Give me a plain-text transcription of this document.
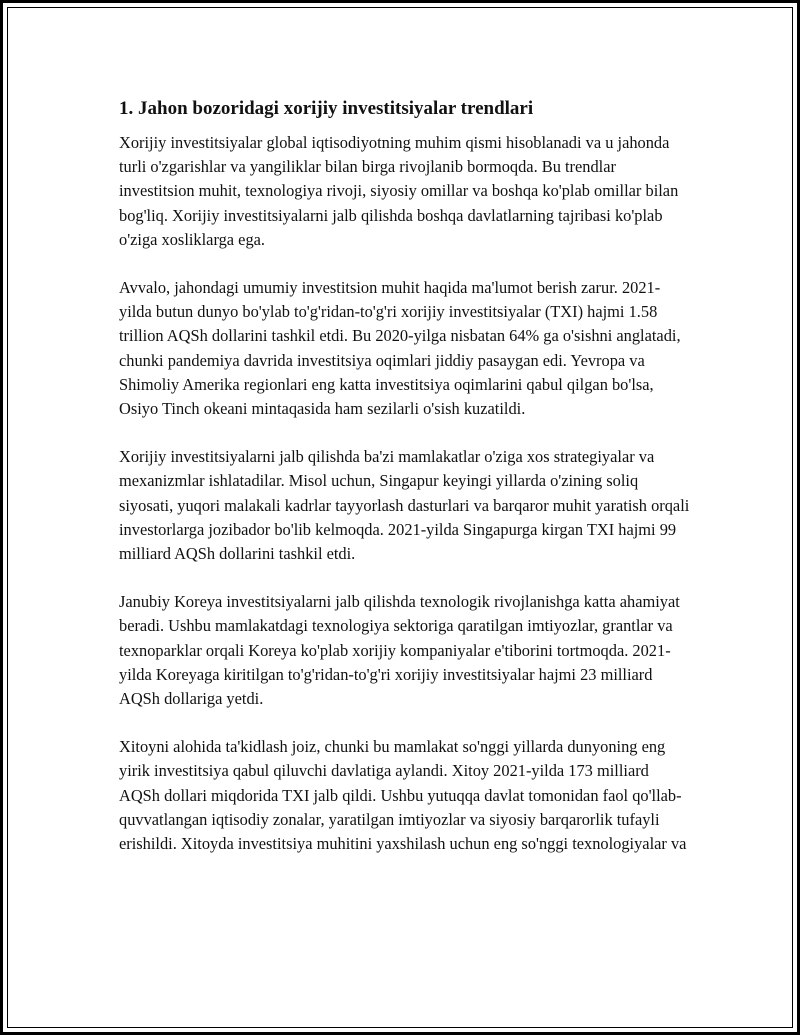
1. Jahon bozoridagi xorijiy investitsiyalar trendlari

Xorijiy investitsiyalar global iqtisodiyotning muhim qismi hisoblanadi va u jahonda turli o'zgarishlar va yangiliklar bilan birga rivojlanib bormoqda. Bu trendlar investitsion muhit, texnologiya rivoji, siyosiy omillar va boshqa ko'plab omillar bilan bog'liq. Xorijiy investitsiyalarni jalb qilishda boshqa davlatlarning tajribasi ko'plab o'ziga xosliklarga ega.

Avvalo, jahondagi umumiy investitsion muhit haqida ma'lumot berish zarur. 2021-yilda butun dunyo bo'ylab to'g'ridan-to'g'ri xorijiy investitsiyalar (TXI) hajmi 1.58 trillion AQSh dollarini tashkil etdi. Bu 2020-yilga nisbatan 64% ga o'sishni anglatadi, chunki pandemiya davrida investitsiya oqimlari jiddiy pasaygan edi. Yevropa va Shimoliy Amerika regionlari eng katta investitsiya oqimlarini qabul qilgan bo'lsa, Osiyo Tinch okeani mintaqasida ham sezilarli o'sish kuzatildi.

Xorijiy investitsiyalarni jalb qilishda ba'zi mamlakatlar o'ziga xos strategiyalar va mexanizmlar ishlatadilar. Misol uchun, Singapur keyingi yillarda o'zining soliq siyosati, yuqori malakali kadrlar tayyorlash dasturlari va barqaror muhit yaratish orqali investorlarga jozibador bo'lib kelmoqda. 2021-yilda Singapurga kirgan TXI hajmi 99 milliard AQSh dollarini tashkil etdi.

Janubiy Koreya investitsiyalarni jalb qilishda texnologik rivojlanishga katta ahamiyat beradi. Ushbu mamlakatdagi texnologiya sektoriga qaratilgan imtiyozlar, grantlar va texnoparklar orqali Koreya ko'plab xorijiy kompaniyalar e'tiborini tortmoqda. 2021-yilda Koreyaga kiritilgan to'g'ridan-to'g'ri xorijiy investitsiyalar hajmi 23 milliard AQSh dollariga yetdi.

Xitoyni alohida ta'kidlash joiz, chunki bu mamlakat so'nggi yillarda dunyoning eng yirik investitsiya qabul qiluvchi davlatiga aylandi. Xitoy 2021-yilda 173 milliard AQSh dollari miqdorida TXI jalb qildi. Ushbu yutuqqa davlat tomonidan faol qo'llab-quvvatlangan iqtisodiy zonalar, yaratilgan imtiyozlar va siyosiy barqarorlik tufayli erishildi. Xitoyda investitsiya muhitini yaxshilash uchun eng so'nggi texnologiyalar va
